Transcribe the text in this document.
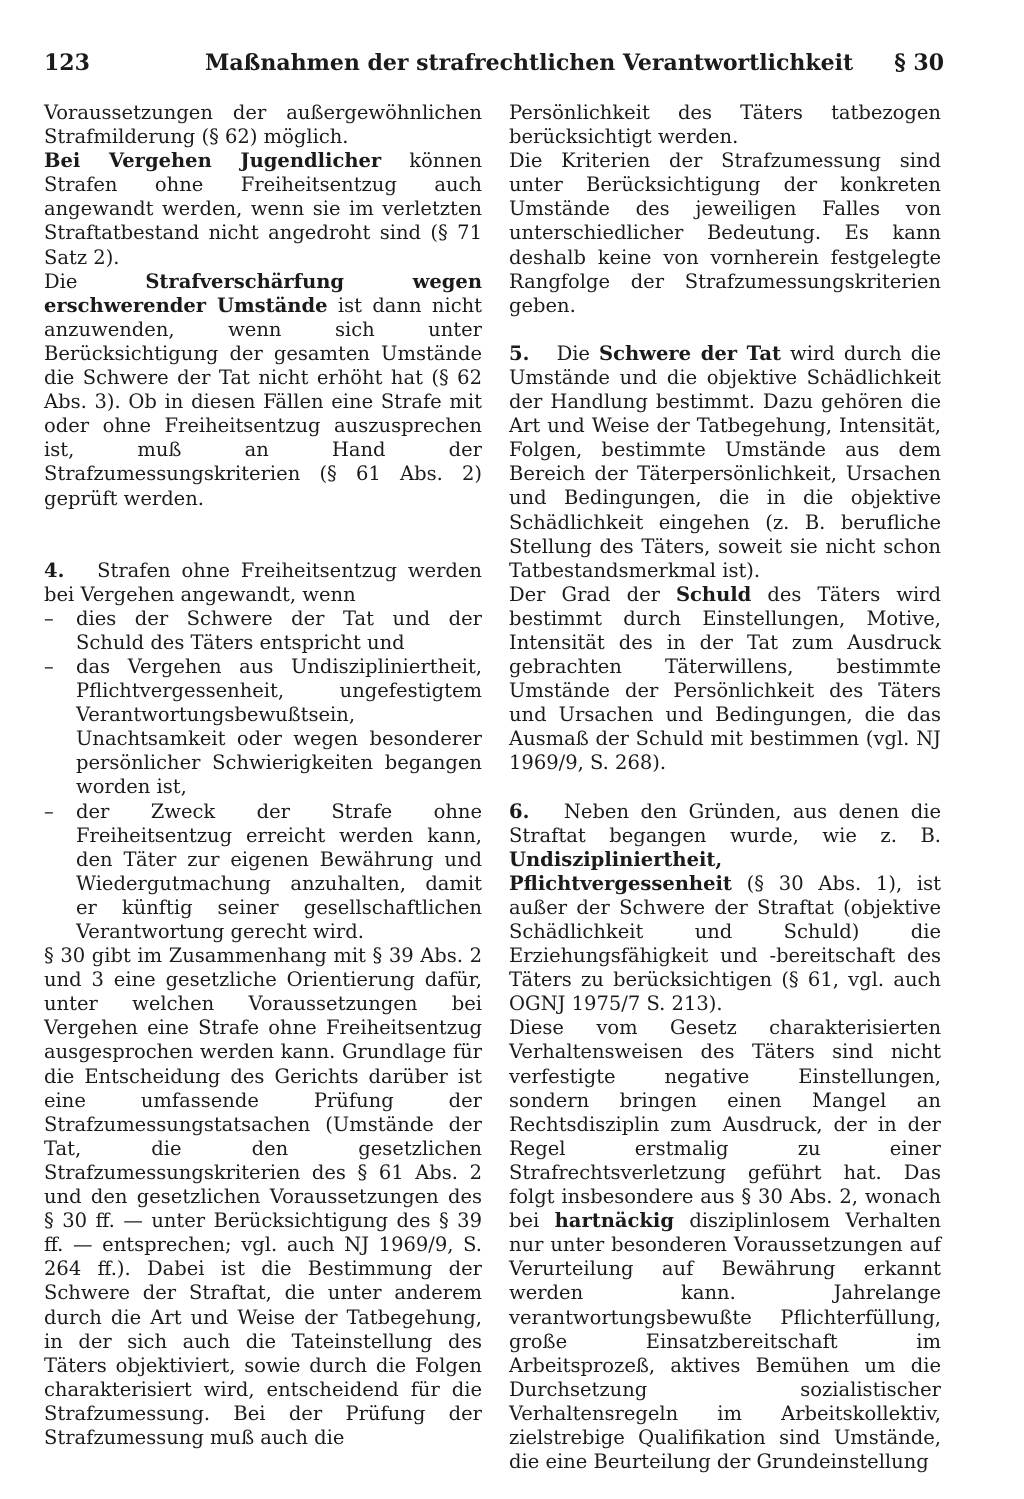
123	Maßnahmen der strafrechtlichen Verantwortlichkeit § 30

Voraussetzungen der außergewöhnlichen Strafmilderung (§ 62) möglich.

Bei Vergehen Jugendlicher können Strafen ohne Freiheitsentzug auch angewandt werden, wenn sie im verletzten Straftatbestand nicht angedroht sind (§ 71 Satz 2).

Die Strafverschärfung wegen erschwerender Umstände ist dann nicht anzuwenden, wenn sich unter Berücksichtigung der gesamten Umstände die Schwere der Tat nicht erhöht hat (§ 62 Abs. 3). Ob in diesen Fällen eine Strafe mit oder ohne Freiheitsentzug auszusprechen ist, muß an Hand der Strafzumessungskriterien (§ 61 Abs. 2) geprüft werden.

4. Strafen ohne Freiheitsentzug werden bei Vergehen angewandt, wenn

– dies der Schwere der Tat und der Schuld des Täters entspricht und
– das Vergehen aus Undiszipliniertheit, Pflichtvergessenheit, ungefestigtem Verantwortungsbewußtsein, Unachtsamkeit oder wegen besonderer persönlicher Schwierigkeiten begangen worden ist,
– der Zweck der Strafe ohne Freiheitsentzug erreicht werden kann, den Täter zur eigenen Bewährung und Wiedergutmachung anzuhalten, damit er künftig seiner gesellschaftlichen Verantwortung gerecht wird.

§ 30 gibt im Zusammenhang mit § 39 Abs. 2 und 3 eine gesetzliche Orientierung dafür, unter welchen Voraussetzungen bei Vergehen eine Strafe ohne Freiheitsentzug ausgesprochen werden kann. Grundlage für die Entscheidung des Gerichts darüber ist eine umfassende Prüfung der Strafzumessungstatsachen (Umstände der Tat, die den gesetzlichen Strafzumessungskriterien des § 61 Abs. 2 und den gesetzlichen Voraussetzungen des § 30 ff. — unter Berücksichtigung des § 39 ff. — entsprechen; vgl. auch NJ 1969/9, S. 264 ff.). Dabei ist die Bestimmung der Schwere der Straftat, die unter anderem durch die Art und Weise der Tatbegehung, in der sich auch die Tateinstellung des Täters objektiviert, sowie durch die Folgen charakterisiert wird, entscheidend für die Strafzumessung. Bei der Prüfung der Strafzumessung muß auch die

Persönlichkeit des Täters tatbezogen berücksichtigt werden.

Die Kriterien der Strafzumessung sind unter Berücksichtigung der konkreten Umstände des jeweiligen Falles von unterschiedlicher Bedeutung. Es kann deshalb keine von vornherein festgelegte Rangfolge der Strafzumessungskriterien geben.

5. Die Schwere der Tat wird durch die Umstände und die objektive Schädlichkeit der Handlung bestimmt. Dazu gehören die Art und Weise der Tatbegehung, Intensität, Folgen, bestimmte Umstände aus dem Bereich der Täterpersönlichkeit, Ursachen und Bedingungen, die in die objektive Schädlichkeit eingehen (z. B. berufliche Stellung des Täters, soweit sie nicht schon Tatbestandsmerkmal ist).

Der Grad der Schuld des Täters wird bestimmt durch Einstellungen, Motive, Intensität des in der Tat zum Ausdruck gebrachten Täterwillens, bestimmte Umstände der Persönlichkeit des Täters und Ursachen und Bedingungen, die das Ausmaß der Schuld mit bestimmen (vgl. NJ 1969/9, S. 268).

6. Neben den Gründen, aus denen die Straftat begangen wurde, wie z. B. Undiszipliniertheit, Pflichtvergessenheit (§ 30 Abs. 1), ist außer der Schwere der Straftat (objektive Schädlichkeit und Schuld) die Erziehungsfähigkeit und -bereitschaft des Täters zu berücksichtigen (§ 61, vgl. auch OGNJ 1975/7 S. 213).

Diese vom Gesetz charakterisierten Verhaltensweisen des Täters sind nicht verfestigte negative Einstellungen, sondern bringen einen Mangel an Rechtsdisziplin zum Ausdruck, der in der Regel erstmalig zu einer Strafrechtsverletzung geführt hat. Das folgt insbesondere aus § 30 Abs. 2, wonach bei hartnäckig disziplinlosem Verhalten nur unter besonderen Voraussetzungen auf Verurteilung auf Bewährung erkannt werden kann. Jahrelange verantwortungsbewußte Pflichterfüllung, große Einsatzbereitschaft im Arbeitsprozeß, aktives Bemühen um die Durchsetzung sozialistischer Verhaltensregeln im Arbeitskollektiv, zielstrebige Qualifikation sind Umstände, die eine Beurteilung der Grundeinstellung
